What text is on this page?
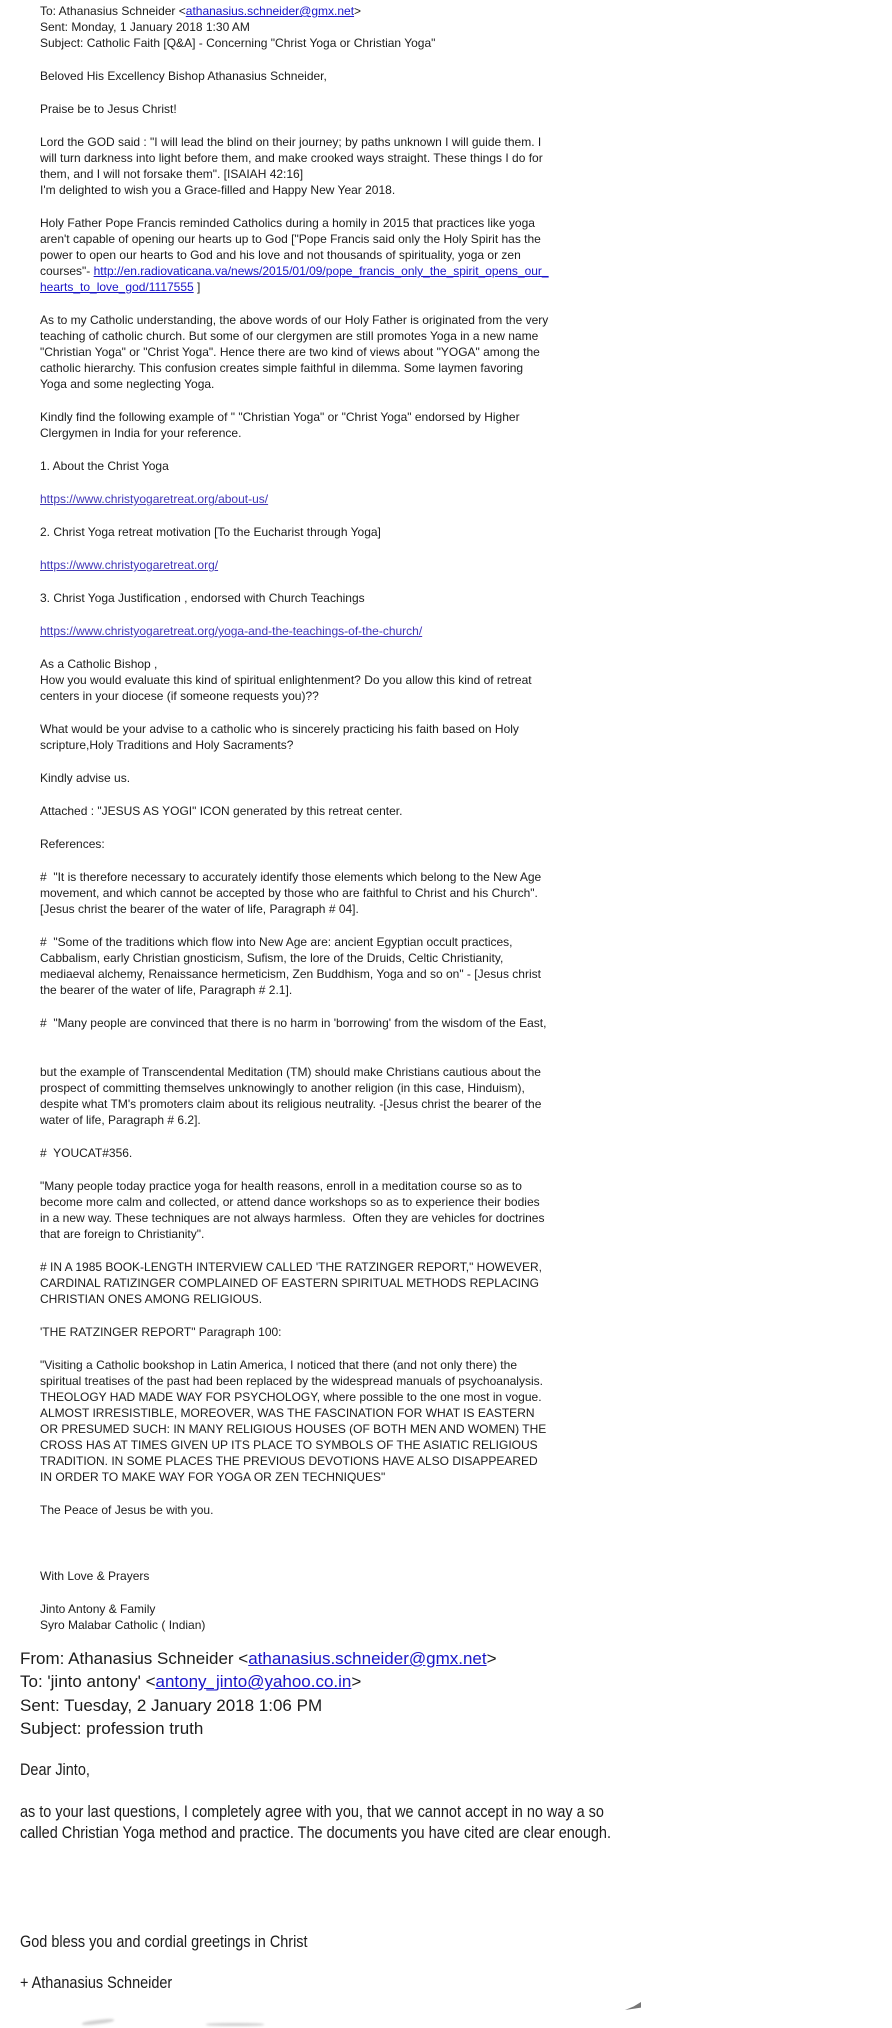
To: Athanasius Schneider <athanasius.schneider@gmx.net>
Sent: Monday, 1 January 2018 1:30 AM
Subject: Catholic Faith [Q&A] - Concerning "Christ Yoga or Christian Yoga"
Beloved His Excellency Bishop Athanasius Schneider,
Praise be to Jesus Christ!
Lord the GOD said : "I will lead the blind on their journey; by paths unknown I will guide them. I
will turn darkness into light before them, and make crooked ways straight. These things I do for
them, and I will not forsake them". [ISAIAH 42:16]
I'm delighted to wish you a Grace-filled and Happy New Year 2018.
Holy Father Pope Francis reminded Catholics during a homily in 2015 that practices like yoga
aren't capable of opening our hearts up to God ["Pope Francis said only the Holy Spirit has the
power to open our hearts to God and his love and not thousands of spirituality, yoga or zen
courses"- http://en.radiovaticana.va/news/2015/01/09/pope_francis_only_the_spirit_opens_our_
hearts_to_love_god/1117555 ]
As to my Catholic understanding, the above words of our Holy Father is originated from the very
teaching of catholic church. But some of our clergymen are still promotes Yoga in a new name
"Christian Yoga" or "Christ Yoga". Hence there are two kind of views about "YOGA" among the
catholic hierarchy. This confusion creates simple faithful in dilemma. Some laymen favoring
Yoga and some neglecting Yoga.
Kindly find the following example of " "Christian Yoga" or "Christ Yoga" endorsed by Higher
Clergymen in India for your reference.
1. About the Christ Yoga
https://www.christyogaretreat.org/about-us/
2. Christ Yoga retreat motivation [To the Eucharist through Yoga]
https://www.christyogaretreat.org/
3. Christ Yoga Justification , endorsed with Church Teachings
https://www.christyogaretreat.org/yoga-and-the-teachings-of-the-church/
As a Catholic Bishop ,
How you would evaluate this kind of spiritual enlightenment? Do you allow this kind of retreat
centers in your diocese (if someone requests you)??
What would be your advise to a catholic who is sincerely practicing his faith based on Holy
scripture,Holy Traditions and Holy Sacraments?
Kindly advise us.
Attached : "JESUS AS YOGI" ICON generated by this retreat center.
References:
#  "It is therefore necessary to accurately identify those elements which belong to the New Age
movement, and which cannot be accepted by those who are faithful to Christ and his Church".
[Jesus christ the bearer of the water of life, Paragraph # 04].
#  "Some of the traditions which flow into New Age are: ancient Egyptian occult practices,
Cabbalism, early Christian gnosticism, Sufism, the lore of the Druids, Celtic Christianity,
mediaeval alchemy, Renaissance hermeticism, Zen Buddhism, Yoga and so on" - [Jesus christ
the bearer of the water of life, Paragraph # 2.1].
#  "Many people are convinced that there is no harm in 'borrowing' from the wisdom of the East,
but the example of Transcendental Meditation (TM) should make Christians cautious about the
prospect of committing themselves unknowingly to another religion (in this case, Hinduism),
despite what TM's promoters claim about its religious neutrality. -[Jesus christ the bearer of the
water of life, Paragraph # 6.2].
#  YOUCAT#356.
"Many people today practice yoga for health reasons, enroll in a meditation course so as to
become more calm and collected, or attend dance workshops so as to experience their bodies
in a new way. These techniques are not always harmless.  Often they are vehicles for doctrines
that are foreign to Christianity".
# IN A 1985 BOOK-LENGTH INTERVIEW CALLED 'THE RATZINGER REPORT," HOWEVER,
CARDINAL RATIZINGER COMPLAINED OF EASTERN SPIRITUAL METHODS REPLACING
CHRISTIAN ONES AMONG RELIGIOUS.
'THE RATZINGER REPORT" Paragraph 100:
"Visiting a Catholic bookshop in Latin America, I noticed that there (and not only there) the
spiritual treatises of the past had been replaced by the widespread manuals of psychoanalysis.
THEOLOGY HAD MADE WAY FOR PSYCHOLOGY, where possible to the one most in vogue.
ALMOST IRRESISTIBLE, MOREOVER, WAS THE FASCINATION FOR WHAT IS EASTERN
OR PRESUMED SUCH: IN MANY RELIGIOUS HOUSES (OF BOTH MEN AND WOMEN) THE
CROSS HAS AT TIMES GIVEN UP ITS PLACE TO SYMBOLS OF THE ASIATIC RELIGIOUS
TRADITION. IN SOME PLACES THE PREVIOUS DEVOTIONS HAVE ALSO DISAPPEARED
IN ORDER TO MAKE WAY FOR YOGA OR ZEN TECHNIQUES"
The Peace of Jesus be with you.
With Love & Prayers
Jinto Antony & Family
Syro Malabar Catholic ( Indian)
From: Athanasius Schneider <athanasius.schneider@gmx.net>
To: 'jinto antony' <antony_jinto@yahoo.co.in>
Sent: Tuesday, 2 January 2018 1:06 PM
Subject: profession truth
Dear Jinto,
as to your last questions, I completely agree with you, that we cannot accept in no way a so
called Christian Yoga method and practice. The documents you have cited are clear enough.
God bless you and cordial greetings in Christ
+ Athanasius Schneider
